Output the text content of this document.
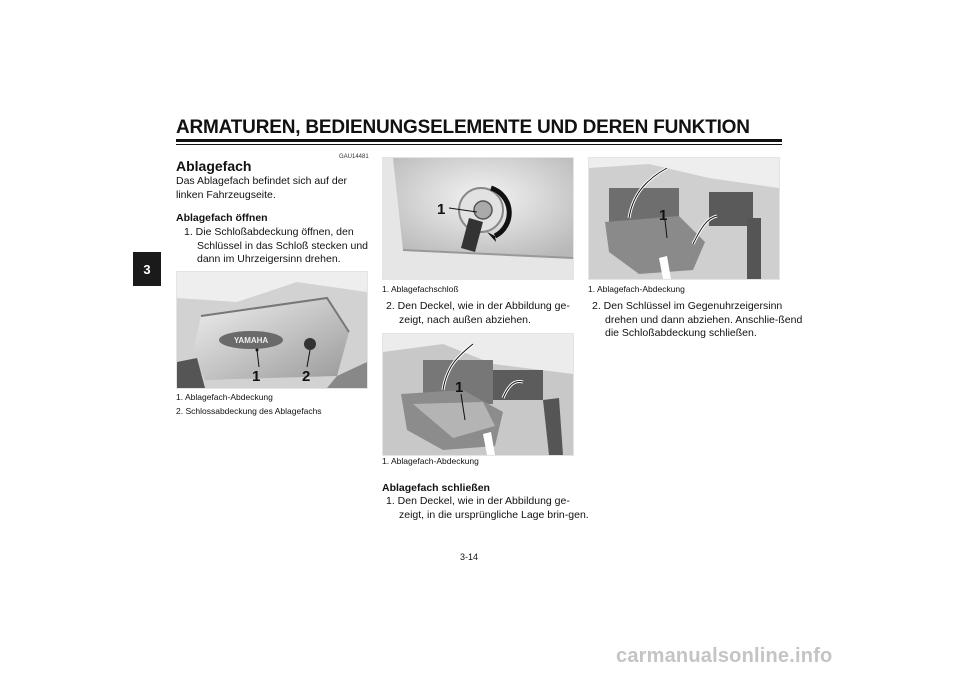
ARMATUREN, BEDIENUNGSELEMENTE UND DEREN FUNKTION
3
GAU14481
Ablagefach
Das Ablagefach befindet sich auf der linken Fahrzeugseite.
Ablagefach öffnen
1. Die Schloßabdeckung öffnen, den Schlüssel in das Schloß stecken und dann im Uhrzeigersinn drehen.
YAMAHA
1	2
1. Ablagefach-Abdeckung
2. Schlossabdeckung des Ablagefachs
1
1. Ablagefachschloß
2. Den Deckel, wie in der Abbildung ge-zeigt, nach außen abziehen.
1
1. Ablagefach-Abdeckung
Ablagefach schließen
1. Den Deckel, wie in der Abbildung ge-zeigt, in die ursprüngliche Lage brin-gen.
1
1. Ablagefach-Abdeckung
2. Den Schlüssel im Gegenuhrzeigersinn drehen und dann abziehen. Anschlie-ßend die Schloßabdeckung schließen.
3-14
carmanualsonline.info
